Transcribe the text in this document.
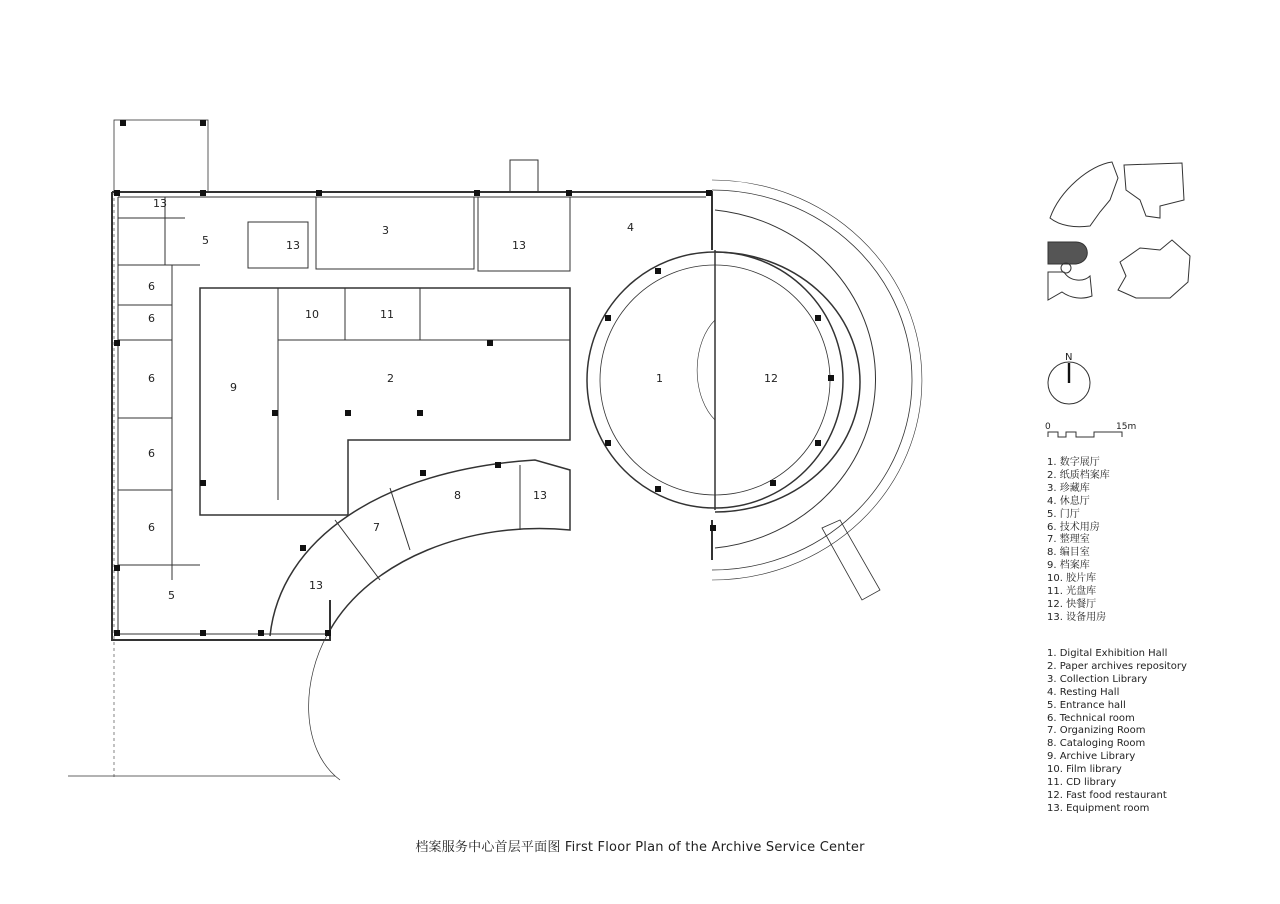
13
5	13
3
13
4
10	11
9
2	1	12
6
6
6
6
6
8	13
7
13
5
N
0	15m
1. 数字展厅
2. 纸质档案库
3. 珍藏库
4. 休息厅
5. 门厅
6. 技术用房
7. 整理室
8. 编目室
9. 档案库
10. 胶片库
11. 光盘库
12. 快餐厅
13. 设备用房
1. Digital Exhibition Hall
2. Paper archives repository
3. Collection Library
4. Resting Hall
5. Entrance hall
6. Technical room
7. Organizing Room
8. Cataloging Room
9. Archive Library
10. Film library
11. CD library
12. Fast food restaurant
13. Equipment room
档案服务中心首层平面图 First Floor Plan of the Archive Service Center
